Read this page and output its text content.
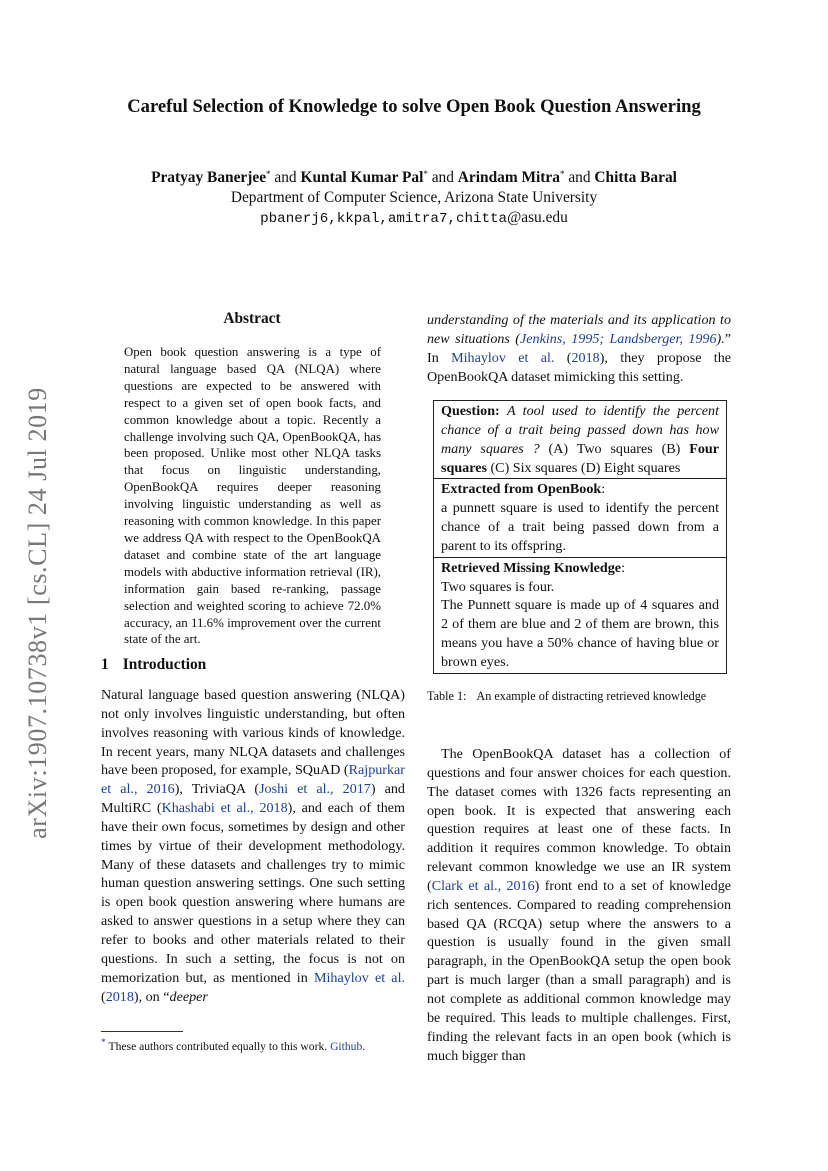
Careful Selection of Knowledge to solve Open Book Question Answering
Pratyay Banerjee* and Kuntal Kumar Pal* and Arindam Mitra* and Chitta Baral
Department of Computer Science, Arizona State University
pbanerj6,kkpal,amitra7,chitta@asu.edu
arXiv:1907.10738v1 [cs.CL] 24 Jul 2019
Abstract
Open book question answering is a type of natural language based QA (NLQA) where questions are expected to be answered with respect to a given set of open book facts, and common knowledge about a topic. Recently a challenge involving such QA, OpenBookQA, has been proposed. Unlike most other NLQA tasks that focus on linguistic understanding, OpenBookQA requires deeper reasoning involving linguistic understanding as well as reasoning with common knowledge. In this paper we address QA with respect to the OpenBookQA dataset and combine state of the art language models with abductive information retrieval (IR), information gain based re-ranking, passage selection and weighted scoring to achieve 72.0% accuracy, an 11.6% improvement over the current state of the art.
1 Introduction
Natural language based question answering (NLQA) not only involves linguistic understanding, but often involves reasoning with various kinds of knowledge. In recent years, many NLQA datasets and challenges have been proposed, for example, SQuAD (Rajpurkar et al., 2016), TriviaQA (Joshi et al., 2017) and MultiRC (Khashabi et al., 2018), and each of them have their own focus, sometimes by design and other times by virtue of their development methodology. Many of these datasets and challenges try to mimic human question answering settings. One such setting is open book question answering where humans are asked to answer questions in a setup where they can refer to books and other materials related to their questions. In such a setting, the focus is not on memorization but, as mentioned in Mihaylov et al. (2018), on “deeper
* These authors contributed equally to this work. Github.
understanding of the materials and its application to new situations (Jenkins, 1995; Landsberger, 1996).” In Mihaylov et al. (2018), they propose the OpenBookQA dataset mimicking this setting.
Question: A tool used to identify the percent chance of a trait being passed down has how many squares ? (A) Two squares (B) Four squares (C) Six squares (D) Eight squares
Extracted from OpenBook:
a punnett square is used to identify the percent chance of a trait being passed down from a parent to its offspring.
Retrieved Missing Knowledge:
Two squares is four.
The Punnett square is made up of 4 squares and 2 of them are blue and 2 of them are brown, this means you have a 50% chance of having blue or brown eyes.
Table 1: An example of distracting retrieved knowledge
The OpenBookQA dataset has a collection of questions and four answer choices for each question. The dataset comes with 1326 facts representing an open book. It is expected that answering each question requires at least one of these facts. In addition it requires common knowledge. To obtain relevant common knowledge we use an IR system (Clark et al., 2016) front end to a set of knowledge rich sentences. Compared to reading comprehension based QA (RCQA) setup where the answers to a question is usually found in the given small paragraph, in the OpenBookQA setup the open book part is much larger (than a small paragraph) and is not complete as additional common knowledge may be required. This leads to multiple challenges. First, finding the relevant facts in an open book (which is much bigger than
